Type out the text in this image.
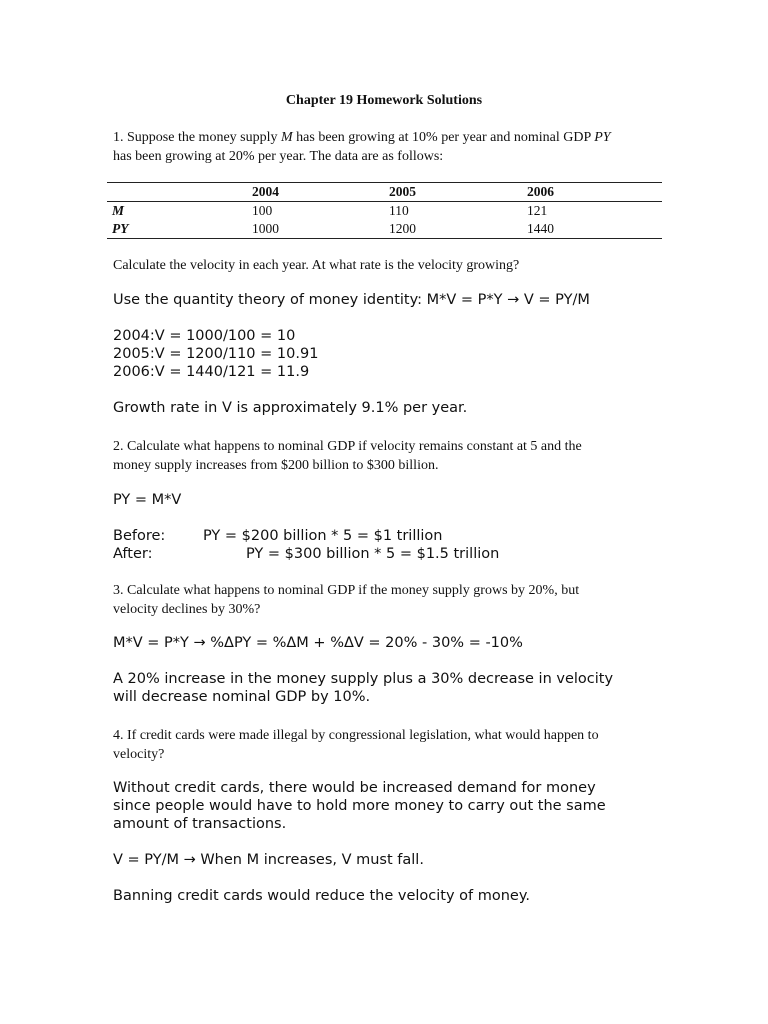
Chapter 19 Homework Solutions
1. Suppose the money supply M has been growing at 10% per year and nominal GDP PY
has been growing at 20% per year. The data are as follows:
	2004	2005	2006
M	100	110	121
PY	1000	1200	1440
Calculate the velocity in each year. At what rate is the velocity growing?
Use the quantity theory of money identity: M*V = P*Y → V = PY/M
2004:V = 1000/100 = 10
2005:V = 1200/110 = 10.91
2006:V = 1440/121 = 11.9
Growth rate in V is approximately 9.1% per year.
2. Calculate what happens to nominal GDP if velocity remains constant at 5 and the
money supply increases from $200 billion to $300 billion.
PY = M*V
Before:	PY = $200 billion * 5 = $1 trillion
After:	PY = $300 billion * 5 = $1.5 trillion
3. Calculate what happens to nominal GDP if the money supply grows by 20%, but
velocity declines by 30%?
M*V = P*Y → %ΔPY = %ΔM + %ΔV = 20% - 30% = -10%
A 20% increase in the money supply plus a 30% decrease in velocity
will decrease nominal GDP by 10%.
4. If credit cards were made illegal by congressional legislation, what would happen to
velocity?
Without credit cards, there would be increased demand for money
since people would have to hold more money to carry out the same
amount of transactions.
V = PY/M → When M increases, V must fall.
Banning credit cards would reduce the velocity of money.
